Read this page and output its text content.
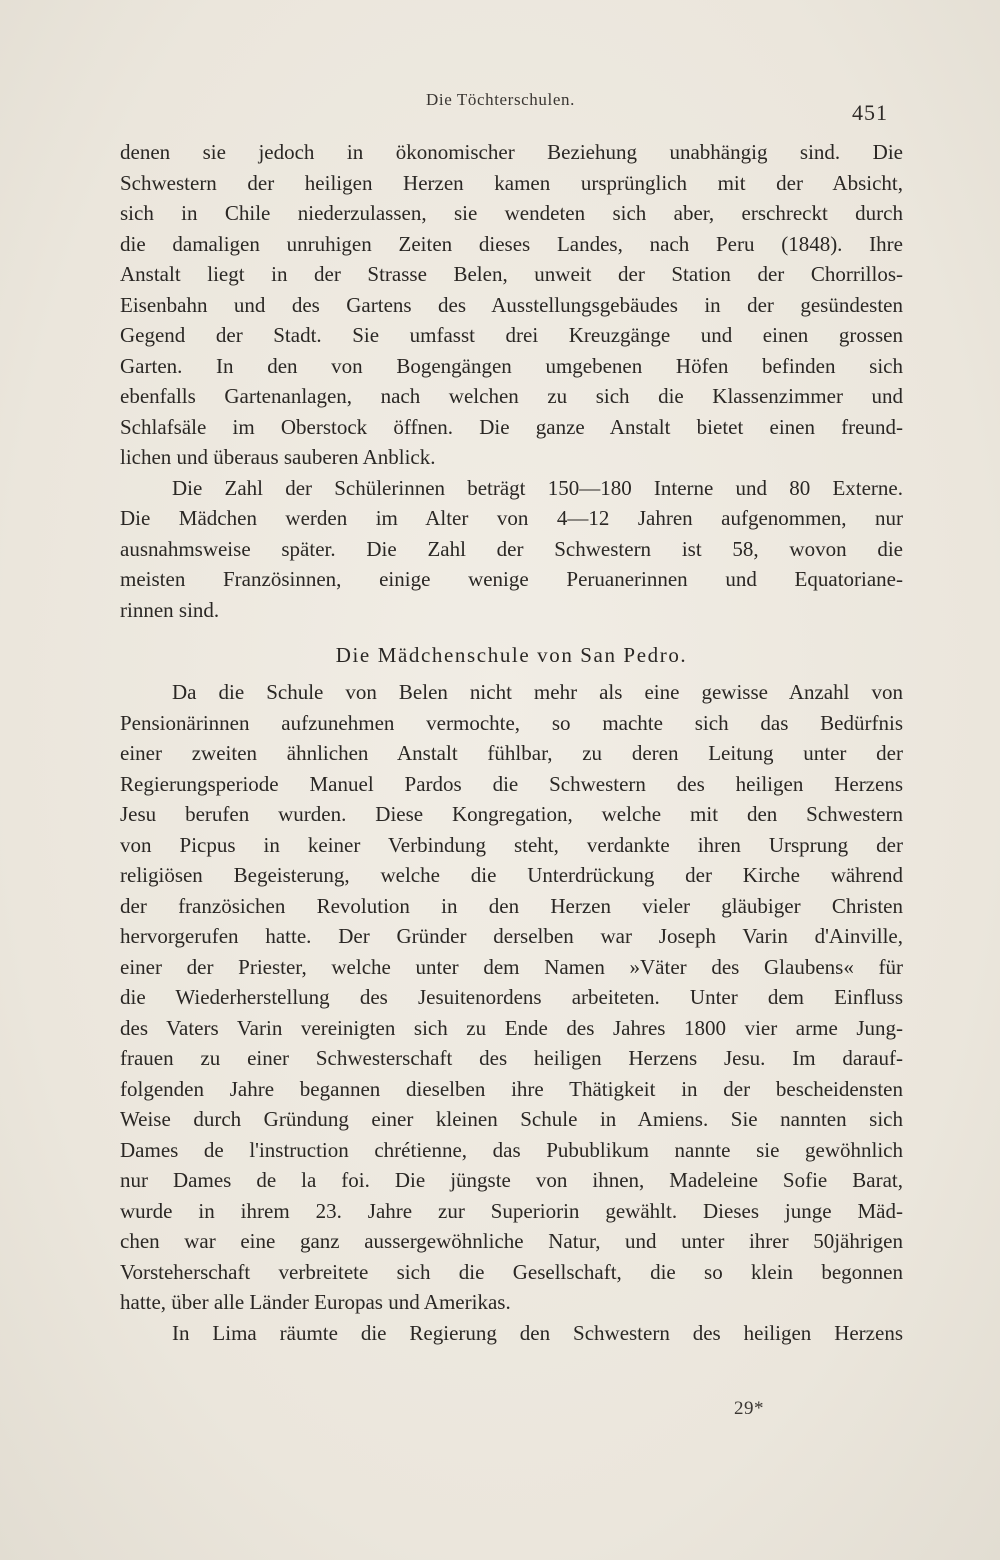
Die Töchterschulen.
451
denen sie jedoch in ökonomischer Beziehung unabhängig sind. Die
Schwestern der heiligen Herzen kamen ursprünglich mit der Absicht,
sich in Chile niederzulassen, sie wendeten sich aber, erschreckt durch
die damaligen unruhigen Zeiten dieses Landes, nach Peru (1848). Ihre
Anstalt liegt in der Strasse Belen, unweit der Station der Chorrillos-
Eisenbahn und des Gartens des Ausstellungsgebäudes in der gesündesten
Gegend der Stadt. Sie umfasst drei Kreuzgänge und einen grossen
Garten. In den von Bogengängen umgebenen Höfen befinden sich
ebenfalls Gartenanlagen, nach welchen zu sich die Klassenzimmer und
Schlafsäle im Oberstock öffnen. Die ganze Anstalt bietet einen freund-
lichen und überaus sauberen Anblick.
Die Zahl der Schülerinnen beträgt 150—180 Interne und 80 Externe.
Die Mädchen werden im Alter von 4—12 Jahren aufgenommen, nur
ausnahmsweise später. Die Zahl der Schwestern ist 58, wovon die
meisten Französinnen, einige wenige Peruanerinnen und Equatoriane-
rinnen sind.
Die Mädchenschule von San Pedro.
Da die Schule von Belen nicht mehr als eine gewisse Anzahl von
Pensionärinnen aufzunehmen vermochte, so machte sich das Bedürfnis
einer zweiten ähnlichen Anstalt fühlbar, zu deren Leitung unter der
Regierungsperiode Manuel Pardos die Schwestern des heiligen Herzens
Jesu berufen wurden. Diese Kongregation, welche mit den Schwestern
von Picpus in keiner Verbindung steht, verdankte ihren Ursprung der
religiösen Begeisterung, welche die Unterdrückung der Kirche während
der französichen Revolution in den Herzen vieler gläubiger Christen
hervorgerufen hatte. Der Gründer derselben war Joseph Varin d'Ainville,
einer der Priester, welche unter dem Namen »Väter des Glaubens« für
die Wiederherstellung des Jesuitenordens arbeiteten. Unter dem Einfluss
des Vaters Varin vereinigten sich zu Ende des Jahres 1800 vier arme Jung-
frauen zu einer Schwesterschaft des heiligen Herzens Jesu. Im darauf-
folgenden Jahre begannen dieselben ihre Thätigkeit in der bescheidensten
Weise durch Gründung einer kleinen Schule in Amiens. Sie nannten sich
Dames de l'instruction chrétienne, das Pubublikum nannte sie gewöhnlich
nur Dames de la foi. Die jüngste von ihnen, Madeleine Sofie Barat,
wurde in ihrem 23. Jahre zur Superiorin gewählt. Dieses junge Mäd-
chen war eine ganz aussergewöhnliche Natur, und unter ihrer 50jährigen
Vorsteherschaft verbreitete sich die Gesellschaft, die so klein begonnen
hatte, über alle Länder Europas und Amerikas.
In Lima räumte die Regierung den Schwestern des heiligen Herzens
29*
